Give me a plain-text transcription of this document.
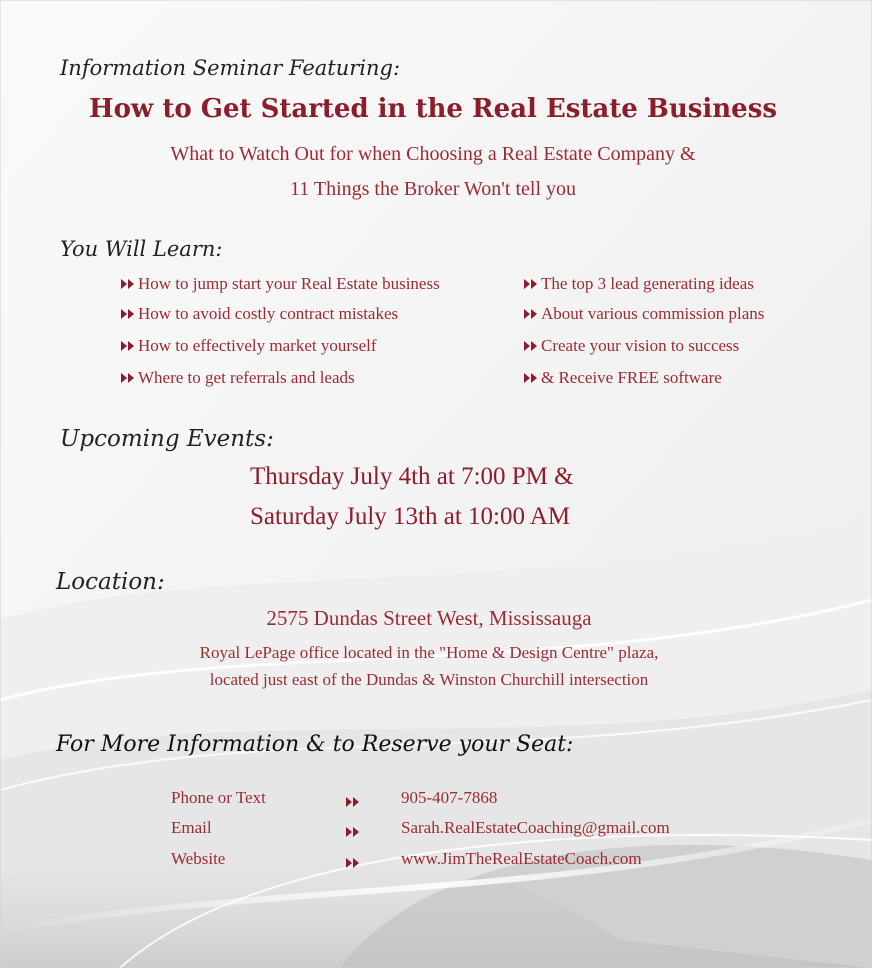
Information Seminar Featuring:
How to Get Started in the Real Estate Business
What to Watch Out for when Choosing a Real Estate Company &
11 Things the Broker Won't tell you
You Will Learn:
How to jump start your Real Estate business
How to avoid costly contract mistakes
How to effectively market yourself
Where to get referrals and leads
The top 3 lead generating ideas
About various commission plans
Create your vision to success
& Receive FREE software
Upcoming Events:
Thursday July 4th at 7:00 PM &
Saturday July 13th at 10:00 AM
Location:
2575 Dundas Street West, Mississauga
Royal LePage office located in the "Home & Design Centre" plaza,
located just east of the Dundas & Winston Churchill intersection
For More Information & to Reserve your Seat:
Phone or Text	905-407-7868
Email	Sarah.RealEstateCoaching@gmail.com
Website	www.JimTheRealEstateCoach.com
